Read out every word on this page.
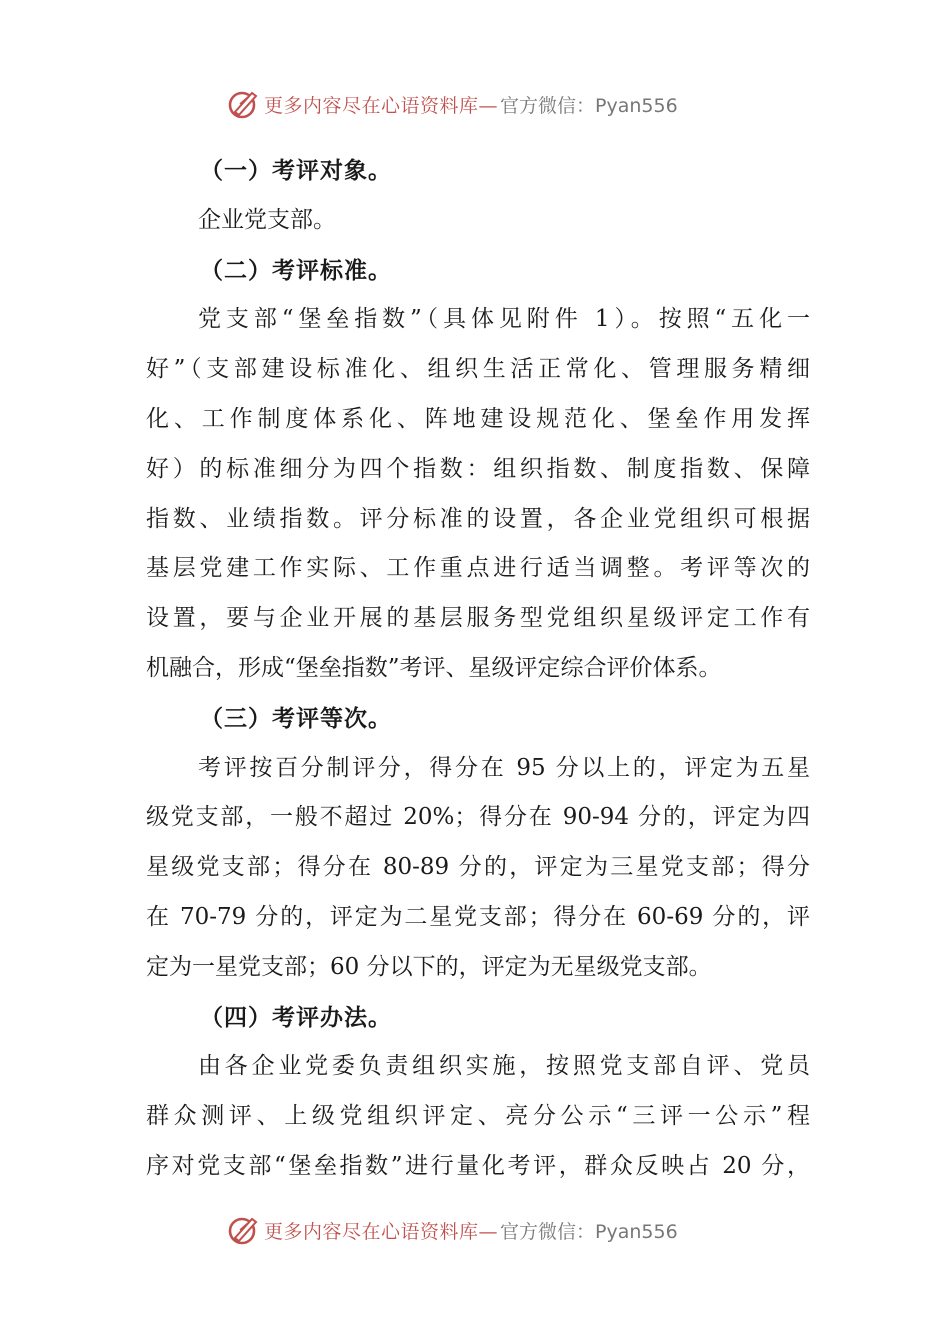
更多内容尽在心语资料库— 官方微信：Pyan556
（一）考评对象。
企业党支部。
（二）考评标准。
党支部“堡垒指数”（具体见附件 1）。按照“五化一
好”（支部建设标准化、组织生活正常化、管理服务精细
化、工作制度体系化、阵地建设规范化、堡垒作用发挥
好）的标准细分为四个指数：组织指数、制度指数、保障
指数、业绩指数。评分标准的设置，各企业党组织可根据
基层党建工作实际、工作重点进行适当调整。考评等次的
设置，要与企业开展的基层服务型党组织星级评定工作有
机融合，形成“堡垒指数”考评、星级评定综合评价体系。
（三）考评等次。
考评按百分制评分，得分在 95 分以上的，评定为五星
级党支部，一般不超过 20%；得分在 90-94 分的，评定为四
星级党支部；得分在 80-89 分的，评定为三星党支部；得分
在 70-79 分的，评定为二星党支部；得分在 60-69 分的，评
定为一星党支部；60 分以下的，评定为无星级党支部。
（四）考评办法。
由各企业党委负责组织实施，按照党支部自评、党员
群众测评、上级党组织评定、亮分公示“三评一公示”程
序对党支部“堡垒指数”进行量化考评，群众反映占 20 分，
更多内容尽在心语资料库— 官方微信：Pyan556
